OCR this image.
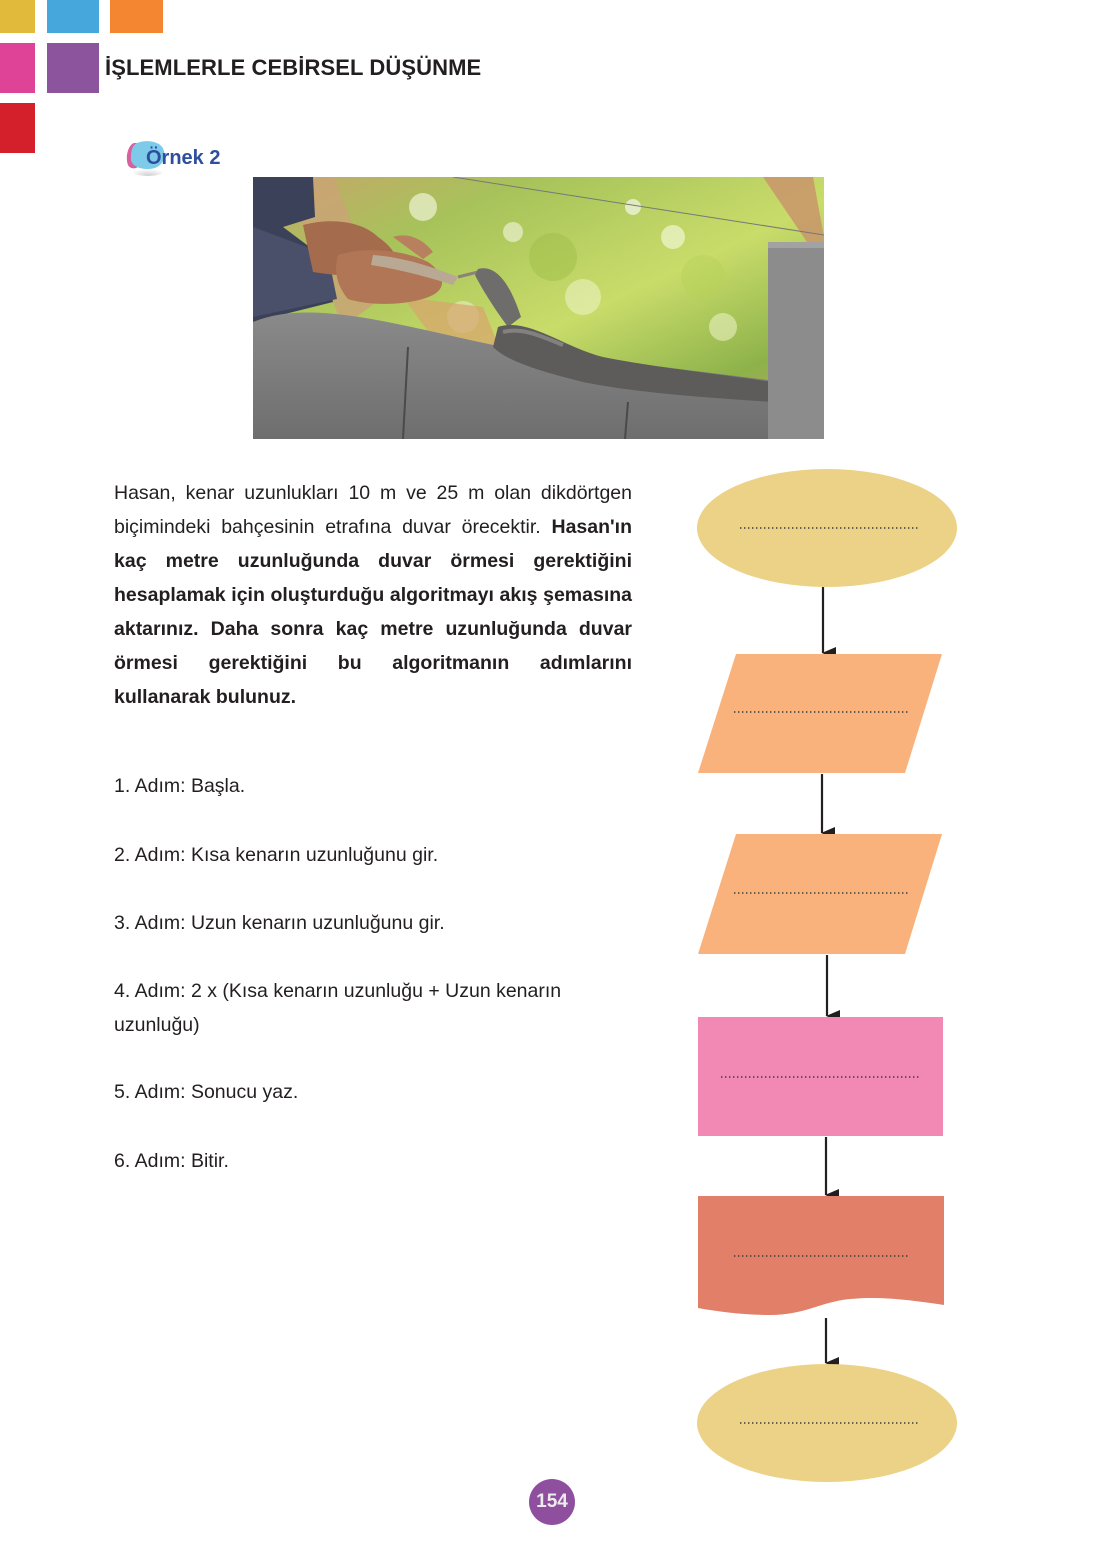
İŞLEMLERLE CEBİRSEL DÜŞÜNME
Örnek 2
Hasan, kenar uzunlukları 10 m ve 25 m olan dikdörtgen biçimindeki bahçesinin etrafına duvar örecektir. Hasan'ın kaç metre uzunluğunda duvar örmesi gerektiğini hesaplamak için oluşturduğu algoritmayı akış şemasına aktarınız. Daha sonra kaç metre uzunluğunda duvar örmesi gerektiğini bu algoritmanın adımlarını kullanarak bulunuz.
1. Adım: Başla.
2. Adım: Kısa kenarın uzunluğunu gir.
3. Adım: Uzun kenarın uzunluğunu gir.
4. Adım: 2 x (Kısa kenarın uzunluğu + Uzun kenarın
uzunluğu)
5. Adım: Sonucu yaz.
6. Adım: Bitir.
154
